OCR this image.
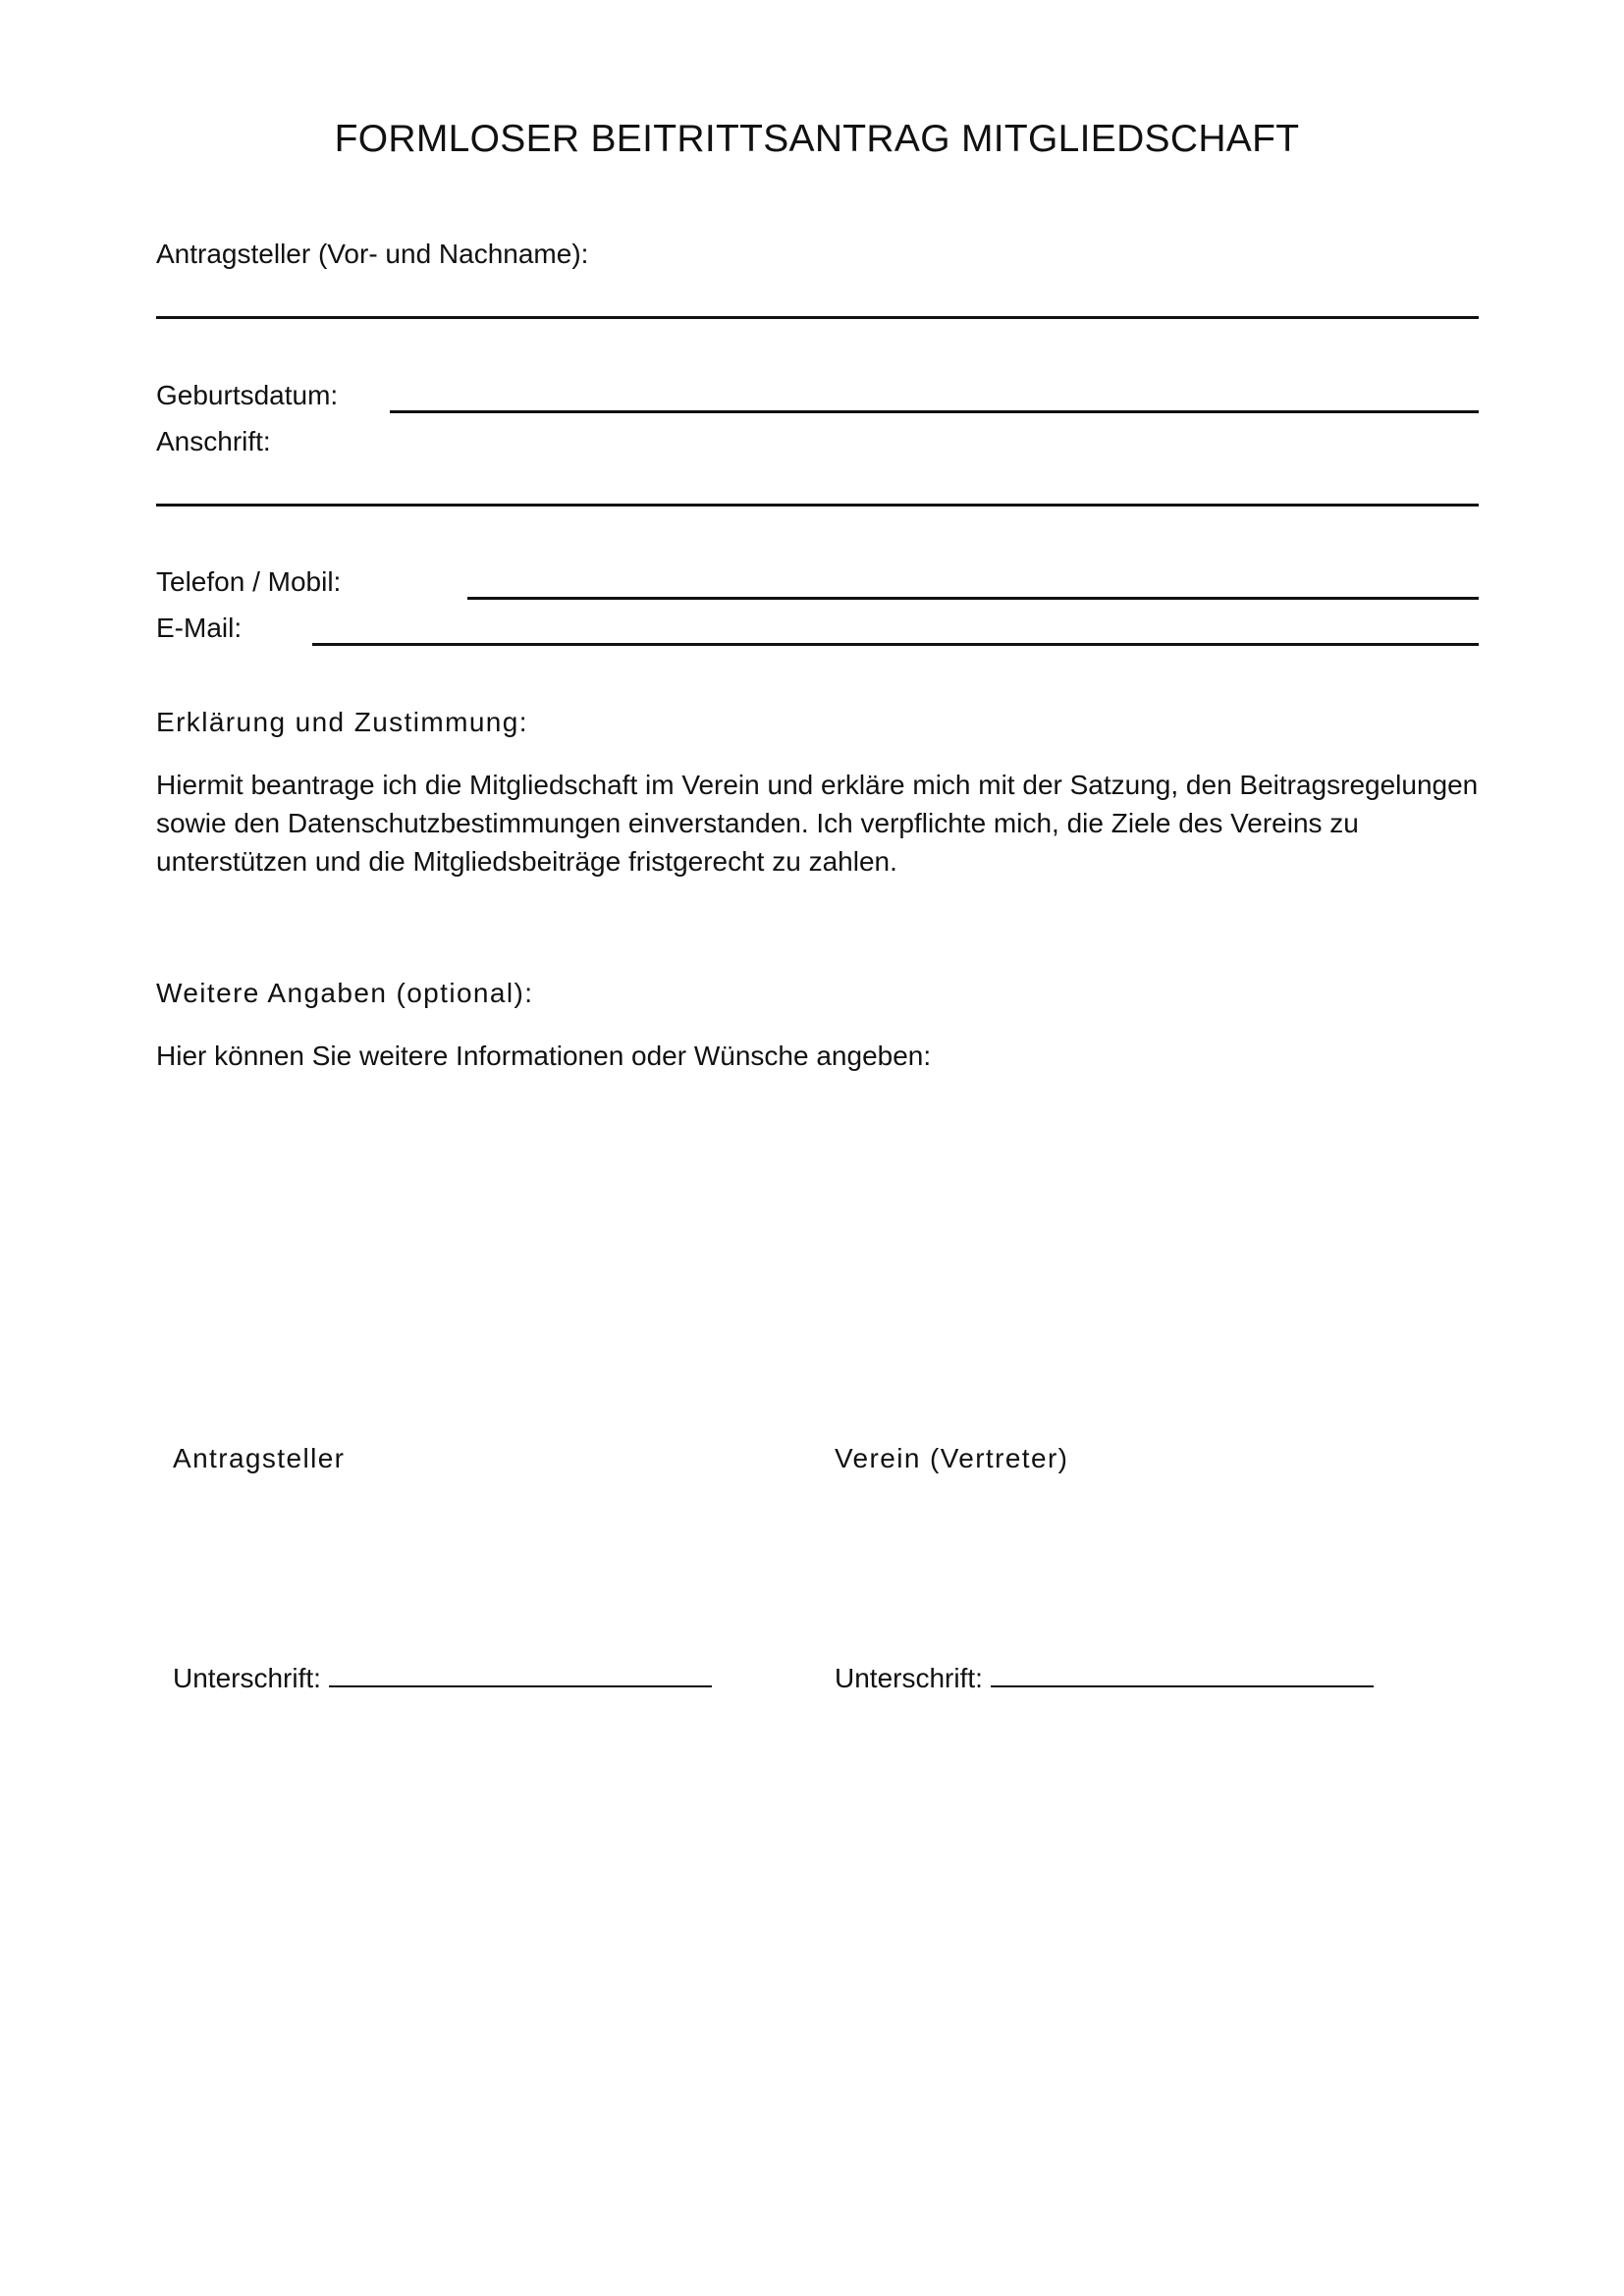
FORMLOSER BEITRITTSANTRAG MITGLIEDSCHAFT
Antragsteller (Vor- und Nachname):
Geburtsdatum:
Anschrift:
Telefon / Mobil:
E-Mail:
Erklärung und Zustimmung:
Hiermit beantrage ich die Mitgliedschaft im Verein und erkläre mich mit der Satzung, den Beitragsregelungen
sowie den Datenschutzbestimmungen einverstanden. Ich verpflichte mich, die Ziele des Vereins zu
unterstützen und die Mitgliedsbeiträge fristgerecht zu zahlen.
Weitere Angaben (optional):
Hier können Sie weitere Informationen oder Wünsche angeben:
Antragsteller	Verein (Vertreter)
Unterschrift:	Unterschrift:
